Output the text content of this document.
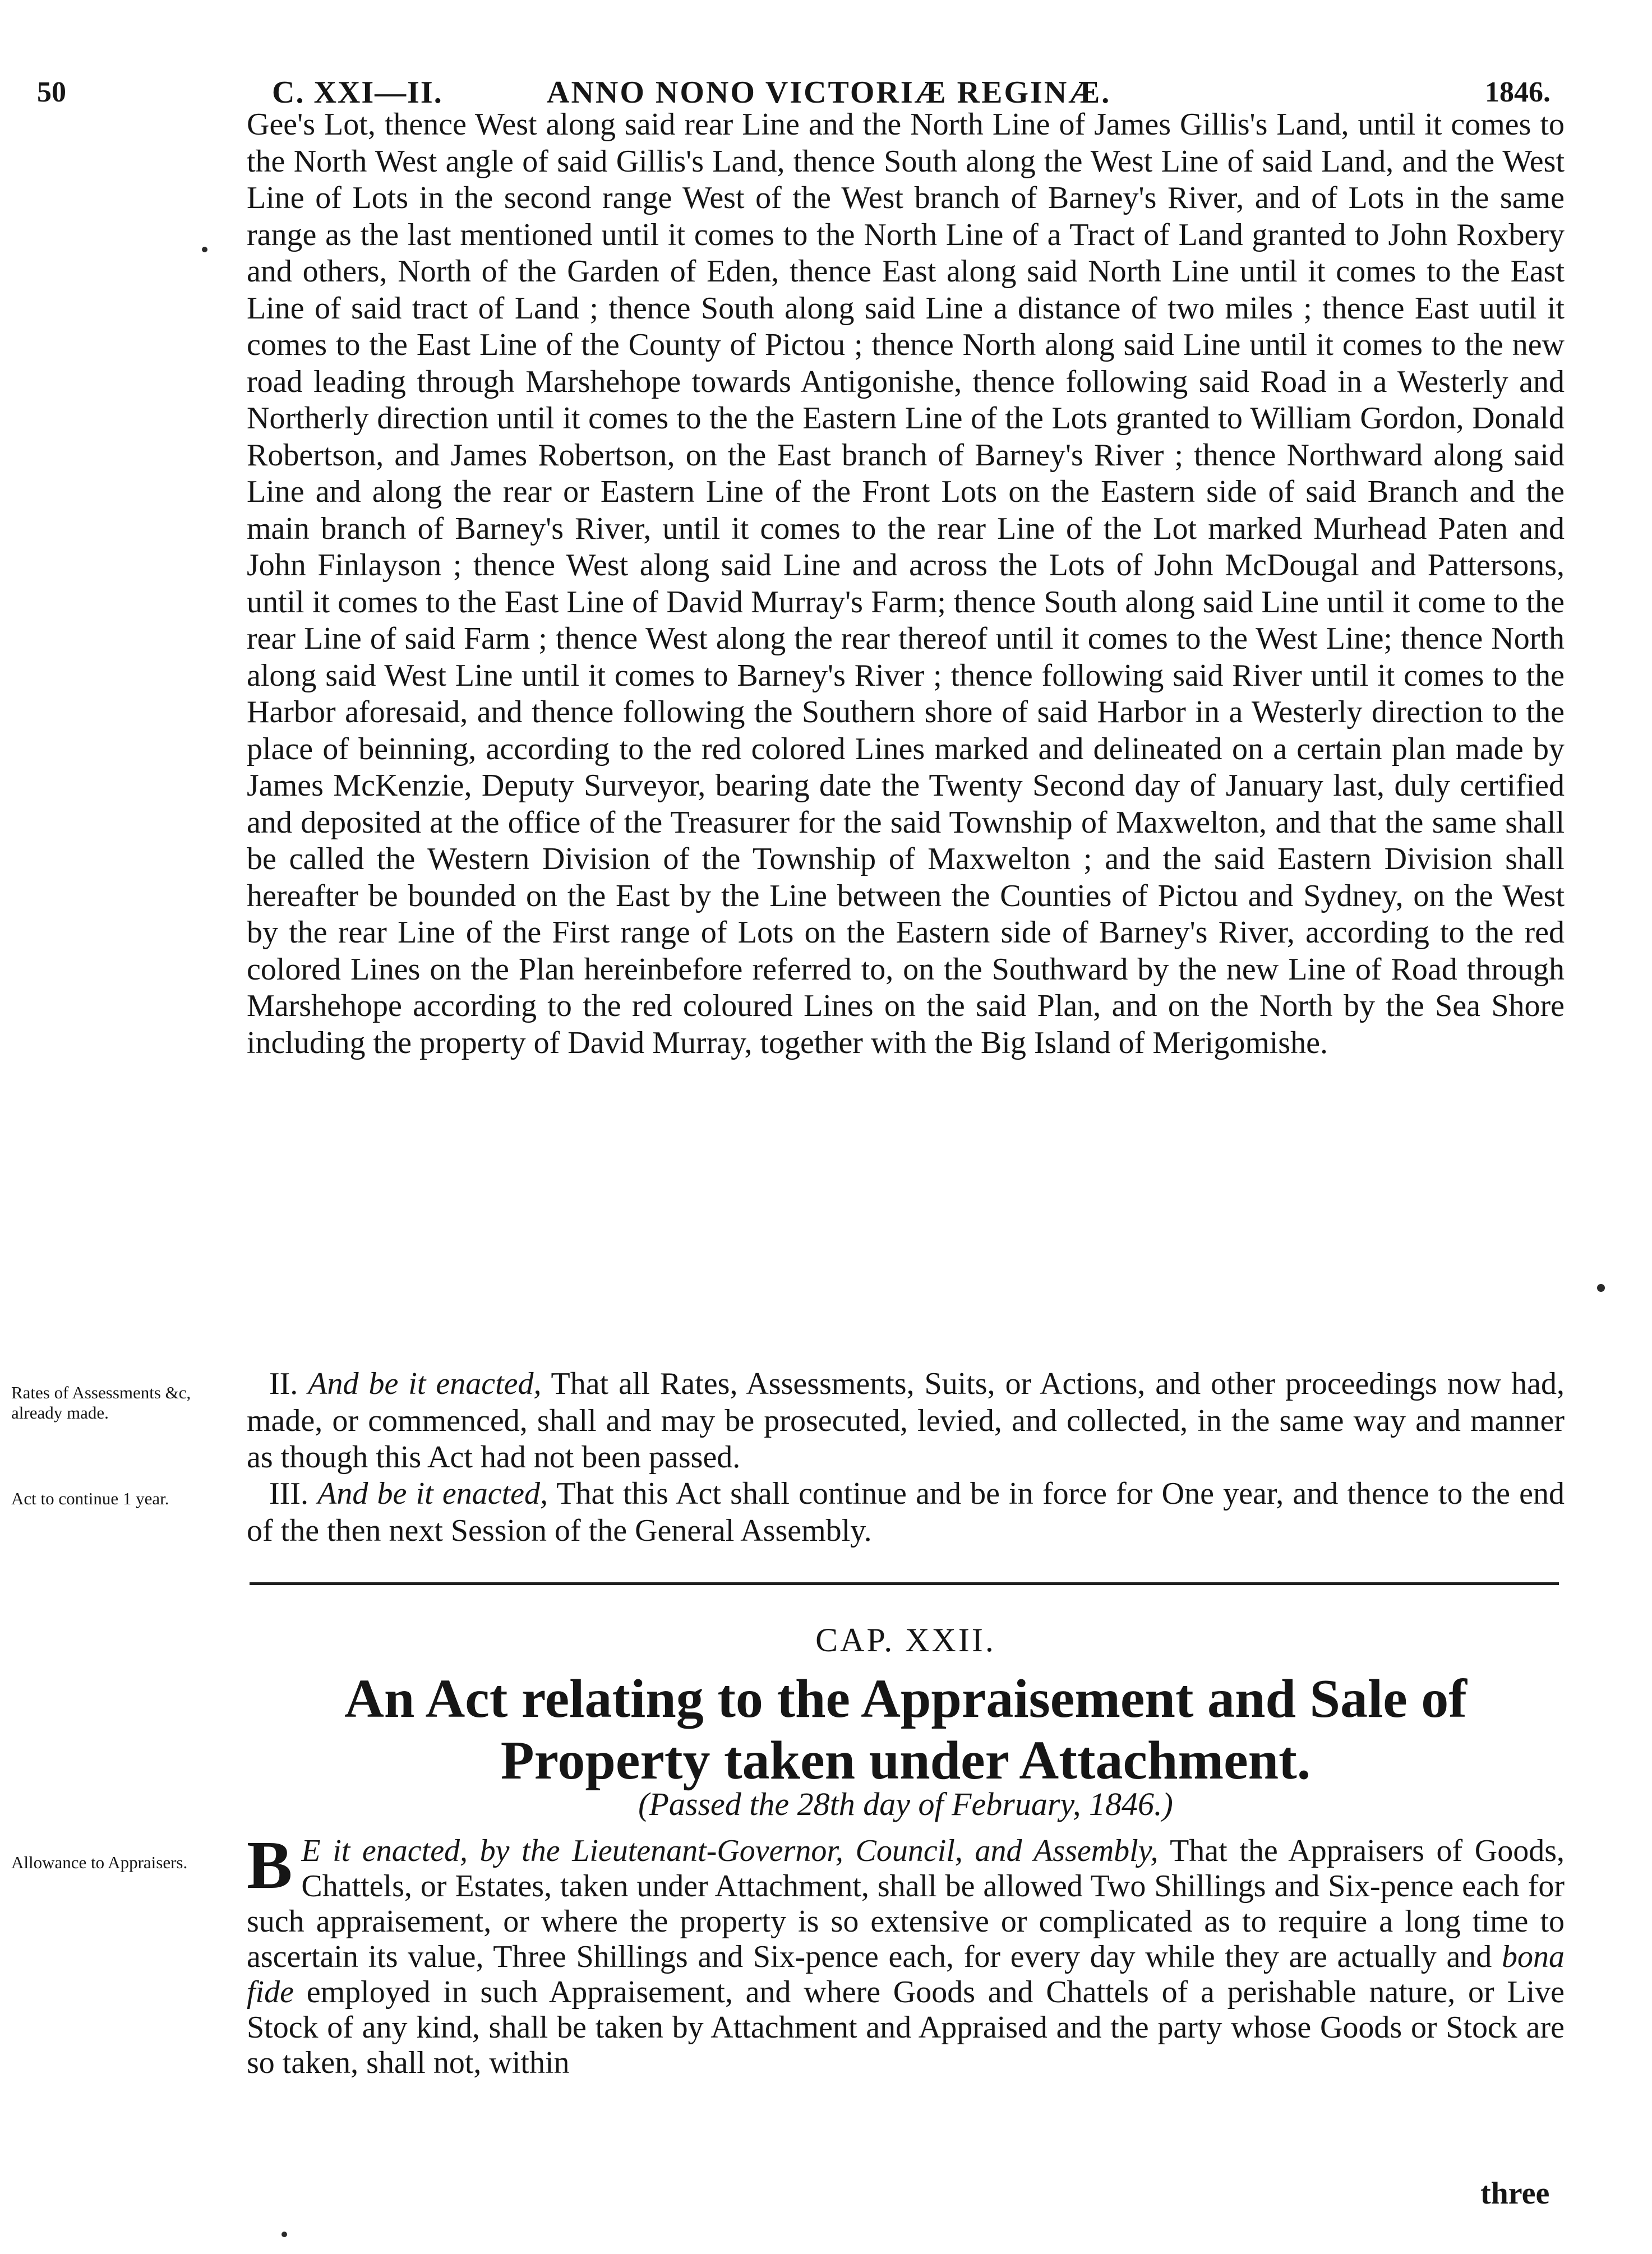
50	C. XXI—II.	ANNO NONO VICTORIÆ REGINÆ.	1846.

Gee's Lot, thence West along said rear Line and the North Line of James Gillis's Land, until it comes to the North West angle of said Gillis's Land, thence South along the West Line of said Land, and the West Line of Lots in the second range West of the West branch of Barney's River, and of Lots in the same range as the last mentioned until it comes to the North Line of a Tract of Land granted to John Roxbery and others, North of the Garden of Eden, thence East along said North Line until it comes to the East Line of said tract of Land ; thence South along said Line a distance of two miles ; thence East uutil it comes to the East Line of the County of Pictou ; thence North along said Line until it comes to the new road leading through Marshehope towards Antigonishe, thence following said Road in a Westerly and Northerly direction until it comes to the the Eastern Line of the Lots granted to William Gordon, Donald Robertson, and James Robertson, on the East branch of Barney's River ; thence Northward along said Line and along the rear or Eastern Line of the Front Lots on the Eastern side of said Branch and the main branch of Barney's River, until it comes to the rear Line of the Lot marked Murhead Paten and John Finlayson ; thence West along said Line and across the Lots of John McDougal and Pattersons, until it comes to the East Line of David Murray's Farm; thence South along said Line until it come to the rear Line of said Farm ; thence West along the rear thereof until it comes to the West Line; thence North along said West Line until it comes to Barney's River ; thence following said River until it comes to the Harbor aforesaid, and thence following the Southern shore of said Harbor in a Westerly direction to the place of beinning, according to the red colored Lines marked and delineated on a certain plan made by James McKenzie, Deputy Surveyor, bearing date the Twenty Second day of January last, duly certified and deposited at the office of the Treasurer for the said Township of Maxwelton, and that the same shall be called the Western Division of the Township of Maxwelton ; and the said Eastern Division shall hereafter be bounded on the East by the Line between the Counties of Pictou and Sydney, on the West by the rear Line of the First range of Lots on the Eastern side of Barney's River, according to the red colored Lines on the Plan hereinbefore referred to, on the Southward by the new Line of Road through Marshehope according to the red coloured Lines on the said Plan, and on the North by the Sea Shore including the property of David Murray, together with the Big Island of Merigomishe.

Rates of Assessments &c, already made.

II. And be it enacted, That all Rates, Assessments, Suits, or Actions, and other proceedings now had, made, or commenced, shall and may be prosecuted, levied, and collected, in the same way and manner as though this Act had not been passed.

Act to continue 1 year.	III. And be it enacted, That this Act shall continue and be in force for One year, and thence to the end of the then next Session of the General Assembly.

CAP. XXII.
An Act relating to the Appraisement and Sale of Property taken under Attachment.
(Passed the 28th day of February, 1846.)
Allowance to Appraisers. B E it enacted, by the Lieutenant-Governor, Council, and Assembly, That the Appraisers of Goods, Chattels, or Estates, taken under Attachment, shall be allowed Two Shillings and Six-pence each for such appraisement, or where the property is so extensive or complicated as to require a long time to ascertain its value, Three Shillings and Six-pence each, for every day while they are actually and bona fide employed in such Appraisement, and where Goods and Chattels of a perishable nature, or Live Stock of any kind, shall be taken by Attachment and Appraised and the party whose Goods or Stock are so taken, shall not, within
three
